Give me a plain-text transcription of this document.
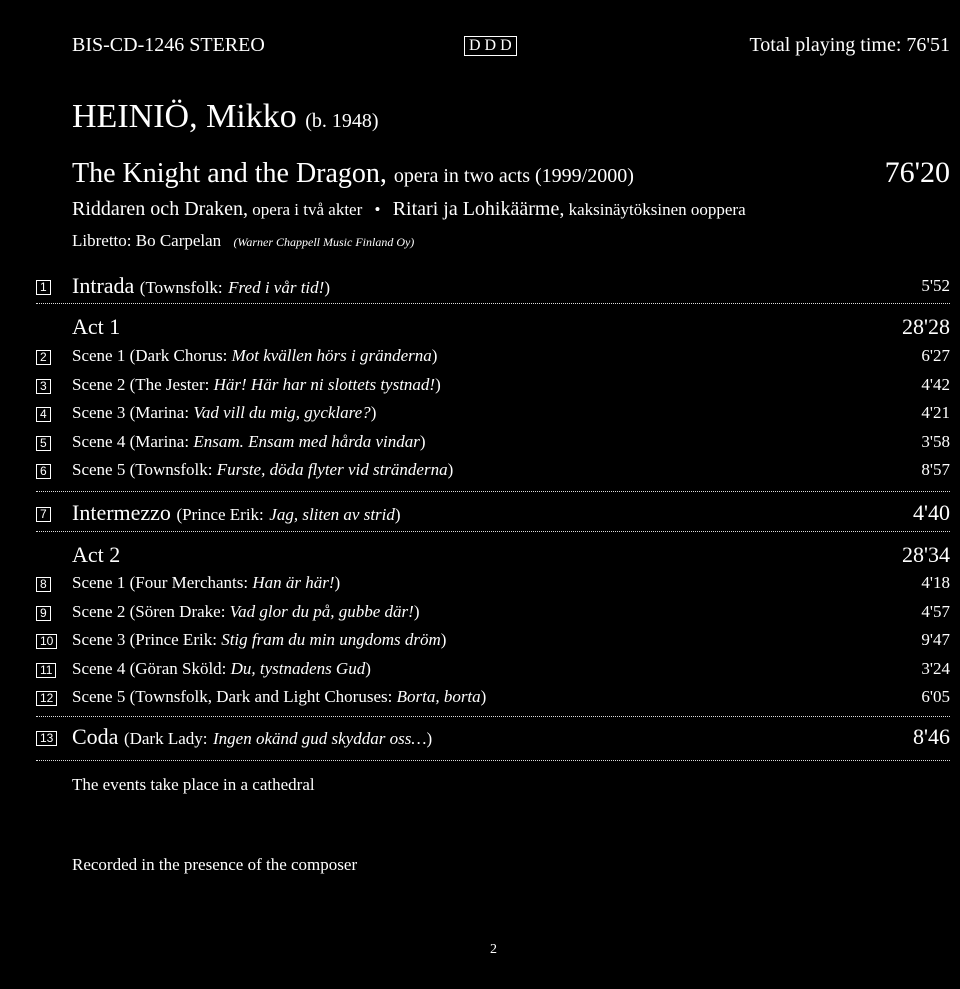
BIS-CD-1246 STEREO	D D D	Total playing time: 76'51
HEINIÖ, Mikko (b. 1948)
The Knight and the Dragon, opera in two acts (1999/2000)	76'20
Riddaren och Draken, opera i två akter • Ritari ja Lohikäärme, kaksinäytöksinen ooppera
Libretto: Bo Carpelan (Warner Chappell Music Finland Oy)
1 Intrada (Townsfolk: Fred i vår tid!)	5'52
Act 1	28'28
2 Scene 1 (Dark Chorus: Mot kvällen hörs i gränderna)	6'27
3 Scene 2 (The Jester: Här! Här har ni slottets tystnad!)	4'42
4 Scene 3 (Marina: Vad vill du mig, gycklare?)	4'21
5 Scene 4 (Marina: Ensam. Ensam med hårda vindar)	3'58
6 Scene 5 (Townsfolk: Furste, döda flyter vid stränderna)	8'57
7 Intermezzo (Prince Erik: Jag, sliten av strid)	4'40
Act 2	28'34
8 Scene 1 (Four Merchants: Han är här!)	4'18
9 Scene 2 (Sören Drake: Vad glor du på, gubbe där!)	4'57
10 Scene 3 (Prince Erik: Stig fram du min ungdoms dröm)	9'47
11 Scene 4 (Göran Sköld: Du, tystnadens Gud)	3'24
12 Scene 5 (Townsfolk, Dark and Light Choruses: Borta, borta)	6'05
13 Coda (Dark Lady: Ingen okänd gud skyddar oss…)	8'46
The events take place in a cathedral
Recorded in the presence of the composer
2
